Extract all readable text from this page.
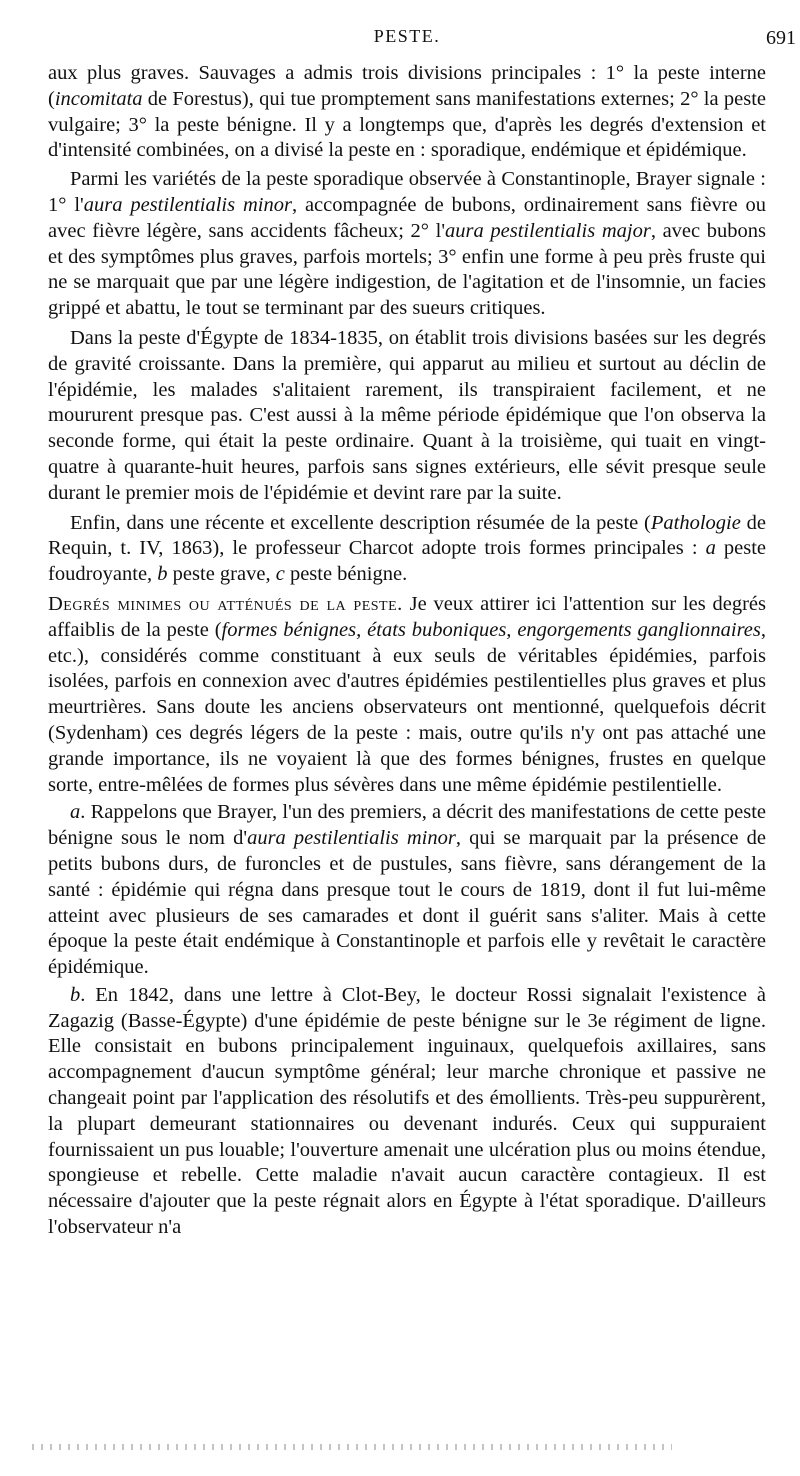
PESTE.	691

aux plus graves. Sauvages a admis trois divisions principales : 1° la peste interne (incomitata de Forestus), qui tue promptement sans manifestations externes; 2° la peste vulgaire; 3° la peste bénigne. Il y a longtemps que, d'après les degrés d'extension et d'intensité combinées, on a divisé la peste en : sporadique, endémique et épidémique.

Parmi les variétés de la peste sporadique observée à Constantinople, Brayer signale : 1° l'aura pestilentialis minor, accompagnée de bubons, ordinairement sans fièvre ou avec fièvre légère, sans accidents fâcheux; 2° l'aura pestilentialis major, avec bubons et des symptômes plus graves, parfois mortels; 3° enfin une forme à peu près fruste qui ne se marquait que par une légère indigestion, de l'agitation et de l'insomnie, un facies grippé et abattu, le tout se terminant par des sueurs critiques.

Dans la peste d'Égypte de 1834-1835, on établit trois divisions basées sur les degrés de gravité croissante. Dans la première, qui apparut au milieu et surtout au déclin de l'épidémie, les malades s'alitaient rarement, ils transpiraient facilement, et ne moururent presque pas. C'est aussi à la même période épidémique que l'on observa la seconde forme, qui était la peste ordinaire. Quant à la troisième, qui tuait en vingt-quatre à quarante-huit heures, parfois sans signes extérieurs, elle sévit presque seule durant le premier mois de l'épidémie et devint rare par la suite.

Enfin, dans une récente et excellente description résumée de la peste (Pathologie de Requin, t. IV, 1863), le professeur Charcot adopte trois formes principales : a peste foudroyante, b peste grave, c peste bénigne.

Degrés minimes ou atténués de la peste. Je veux attirer ici l'attention sur les degrés affaiblis de la peste (formes bénignes, états buboniques, engorgements ganglionnaires, etc.), considérés comme constituant à eux seuls de véritables épidémies, parfois isolées, parfois en connexion avec d'autres épidémies pestilentielles plus graves et plus meurtrières. Sans doute les anciens observateurs ont mentionné, quelquefois décrit (Sydenham) ces degrés légers de la peste : mais, outre qu'ils n'y ont pas attaché une grande importance, ils ne voyaient là que des formes bénignes, frustes en quelque sorte, entre-mêlées de formes plus sévères dans une même épidémie pestilentielle.

a. Rappelons que Brayer, l'un des premiers, a décrit des manifestations de cette peste bénigne sous le nom d'aura pestilentialis minor, qui se marquait par la présence de petits bubons durs, de furoncles et de pustules, sans fièvre, sans dérangement de la santé : épidémie qui régna dans presque tout le cours de 1819, dont il fut lui-même atteint avec plusieurs de ses camarades et dont il guérit sans s'aliter. Mais à cette époque la peste était endémique à Constantinople et parfois elle y revêtait le caractère épidémique.

b. En 1842, dans une lettre à Clot-Bey, le docteur Rossi signalait l'existence à Zagazig (Basse-Égypte) d'une épidémie de peste bénigne sur le 3e régiment de ligne. Elle consistait en bubons principalement inguinaux, quelquefois axillaires, sans accompagnement d'aucun symptôme général; leur marche chronique et passive ne changeait point par l'application des résolutifs et des émollients. Très-peu suppurèrent, la plupart demeurant stationnaires ou devenant indurés. Ceux qui suppuraient fournissaient un pus louable; l'ouverture amenait une ulcération plus ou moins étendue, spongieuse et rebelle. Cette maladie n'avait aucun caractère contagieux. Il est nécessaire d'ajouter que la peste régnait alors en Égypte à l'état sporadique. D'ailleurs l'observateur n'a
